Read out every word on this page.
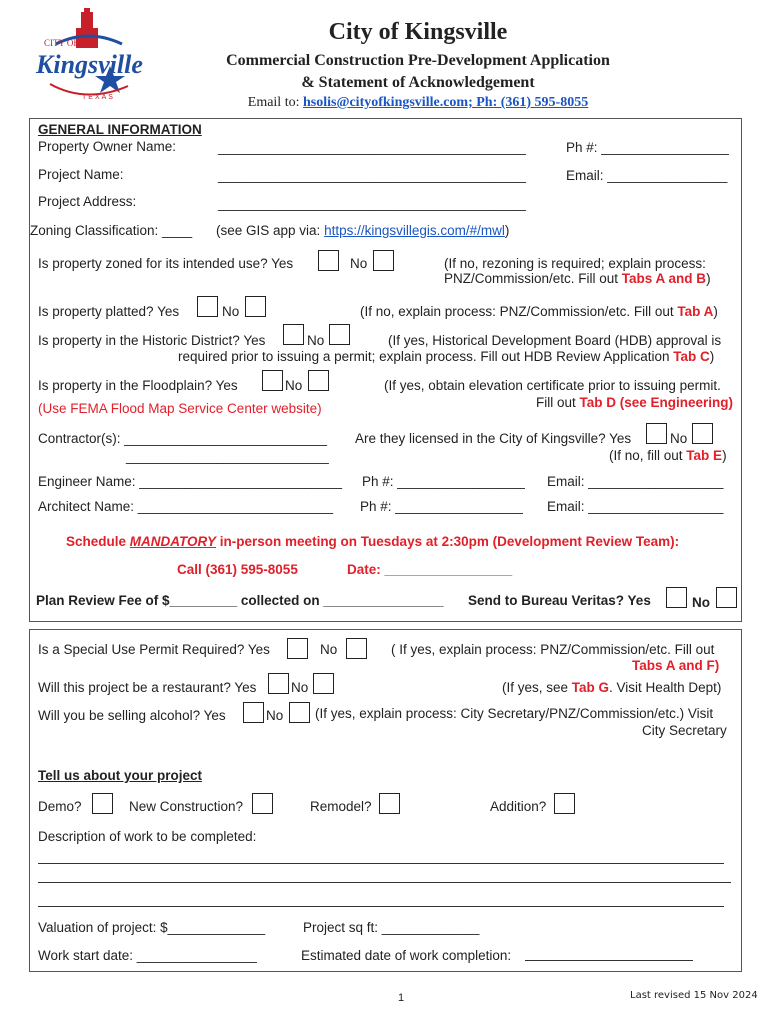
CITY OF
Kingsville
TEXAS
City of Kingsville
Commercial Construction Pre-Development Application
& Statement of Acknowledgement
Email to: hsolis@cityofkingsville.com; Ph: (361) 595-8055
GENERAL INFORMATION
Property Owner Name:	_________________________________________	Ph #: _________________
Project Name:	_________________________________________	Email: ________________
Project Address:	_________________________________________
Zoning Classification: ____ (see GIS app via: https://kingsvillegis.com/#/mwl)
Is property zoned for its intended use? Yes	No	(If no, rezoning is required; explain process:
PNZ/Commission/etc. Fill out Tabs A and B)
Is property platted? Yes	No	(If no, explain process: PNZ/Commission/etc. Fill out Tab A)
Is property in the Historic District? Yes	No	(If yes, Historical Development Board (HDB) approval is
required prior to issuing a permit; explain process. Fill out HDB Review Application Tab C)
Is property in the Floodplain? Yes	No	(If yes, obtain elevation certificate prior to issuing permit.
Fill out Tab D (see Engineering)
(Use FEMA Flood Map Service Center website)
Contractor(s): ___________________________
___________________________
Are they licensed in the City of Kingsville? Yes	No
(If no, fill out Tab E)
Engineer Name: ___________________________ Ph #: _________________ Email: __________________
Architect Name: __________________________ Ph #: _________________ Email: __________________
Schedule MANDATORY in-person meeting on Tuesdays at 2:30pm (Development Review Team):
Call (361) 595-8055	Date: _________________
Plan Review Fee of $_________ collected on ________________ Send to Bureau Veritas? Yes	No
Is a Special Use Permit Required? Yes	No	( If yes, explain process: PNZ/Commission/etc. Fill out
Tabs A and F)
Will this project be a restaurant? Yes	No	(If yes, see Tab G. Visit Health Dept)
Will you be selling alcohol? Yes	No (If yes, explain process: City Secretary/PNZ/Commission/etc.) Visit
City Secretary
Tell us about your project
Demo?	New Construction?	Remodel?	Addition?
Description of work to be completed:
Valuation of project: $_____________	Project sq ft: _____________
Work start date: ________________	Estimated date of work completion:
1	Last revised 15 Nov 2024
